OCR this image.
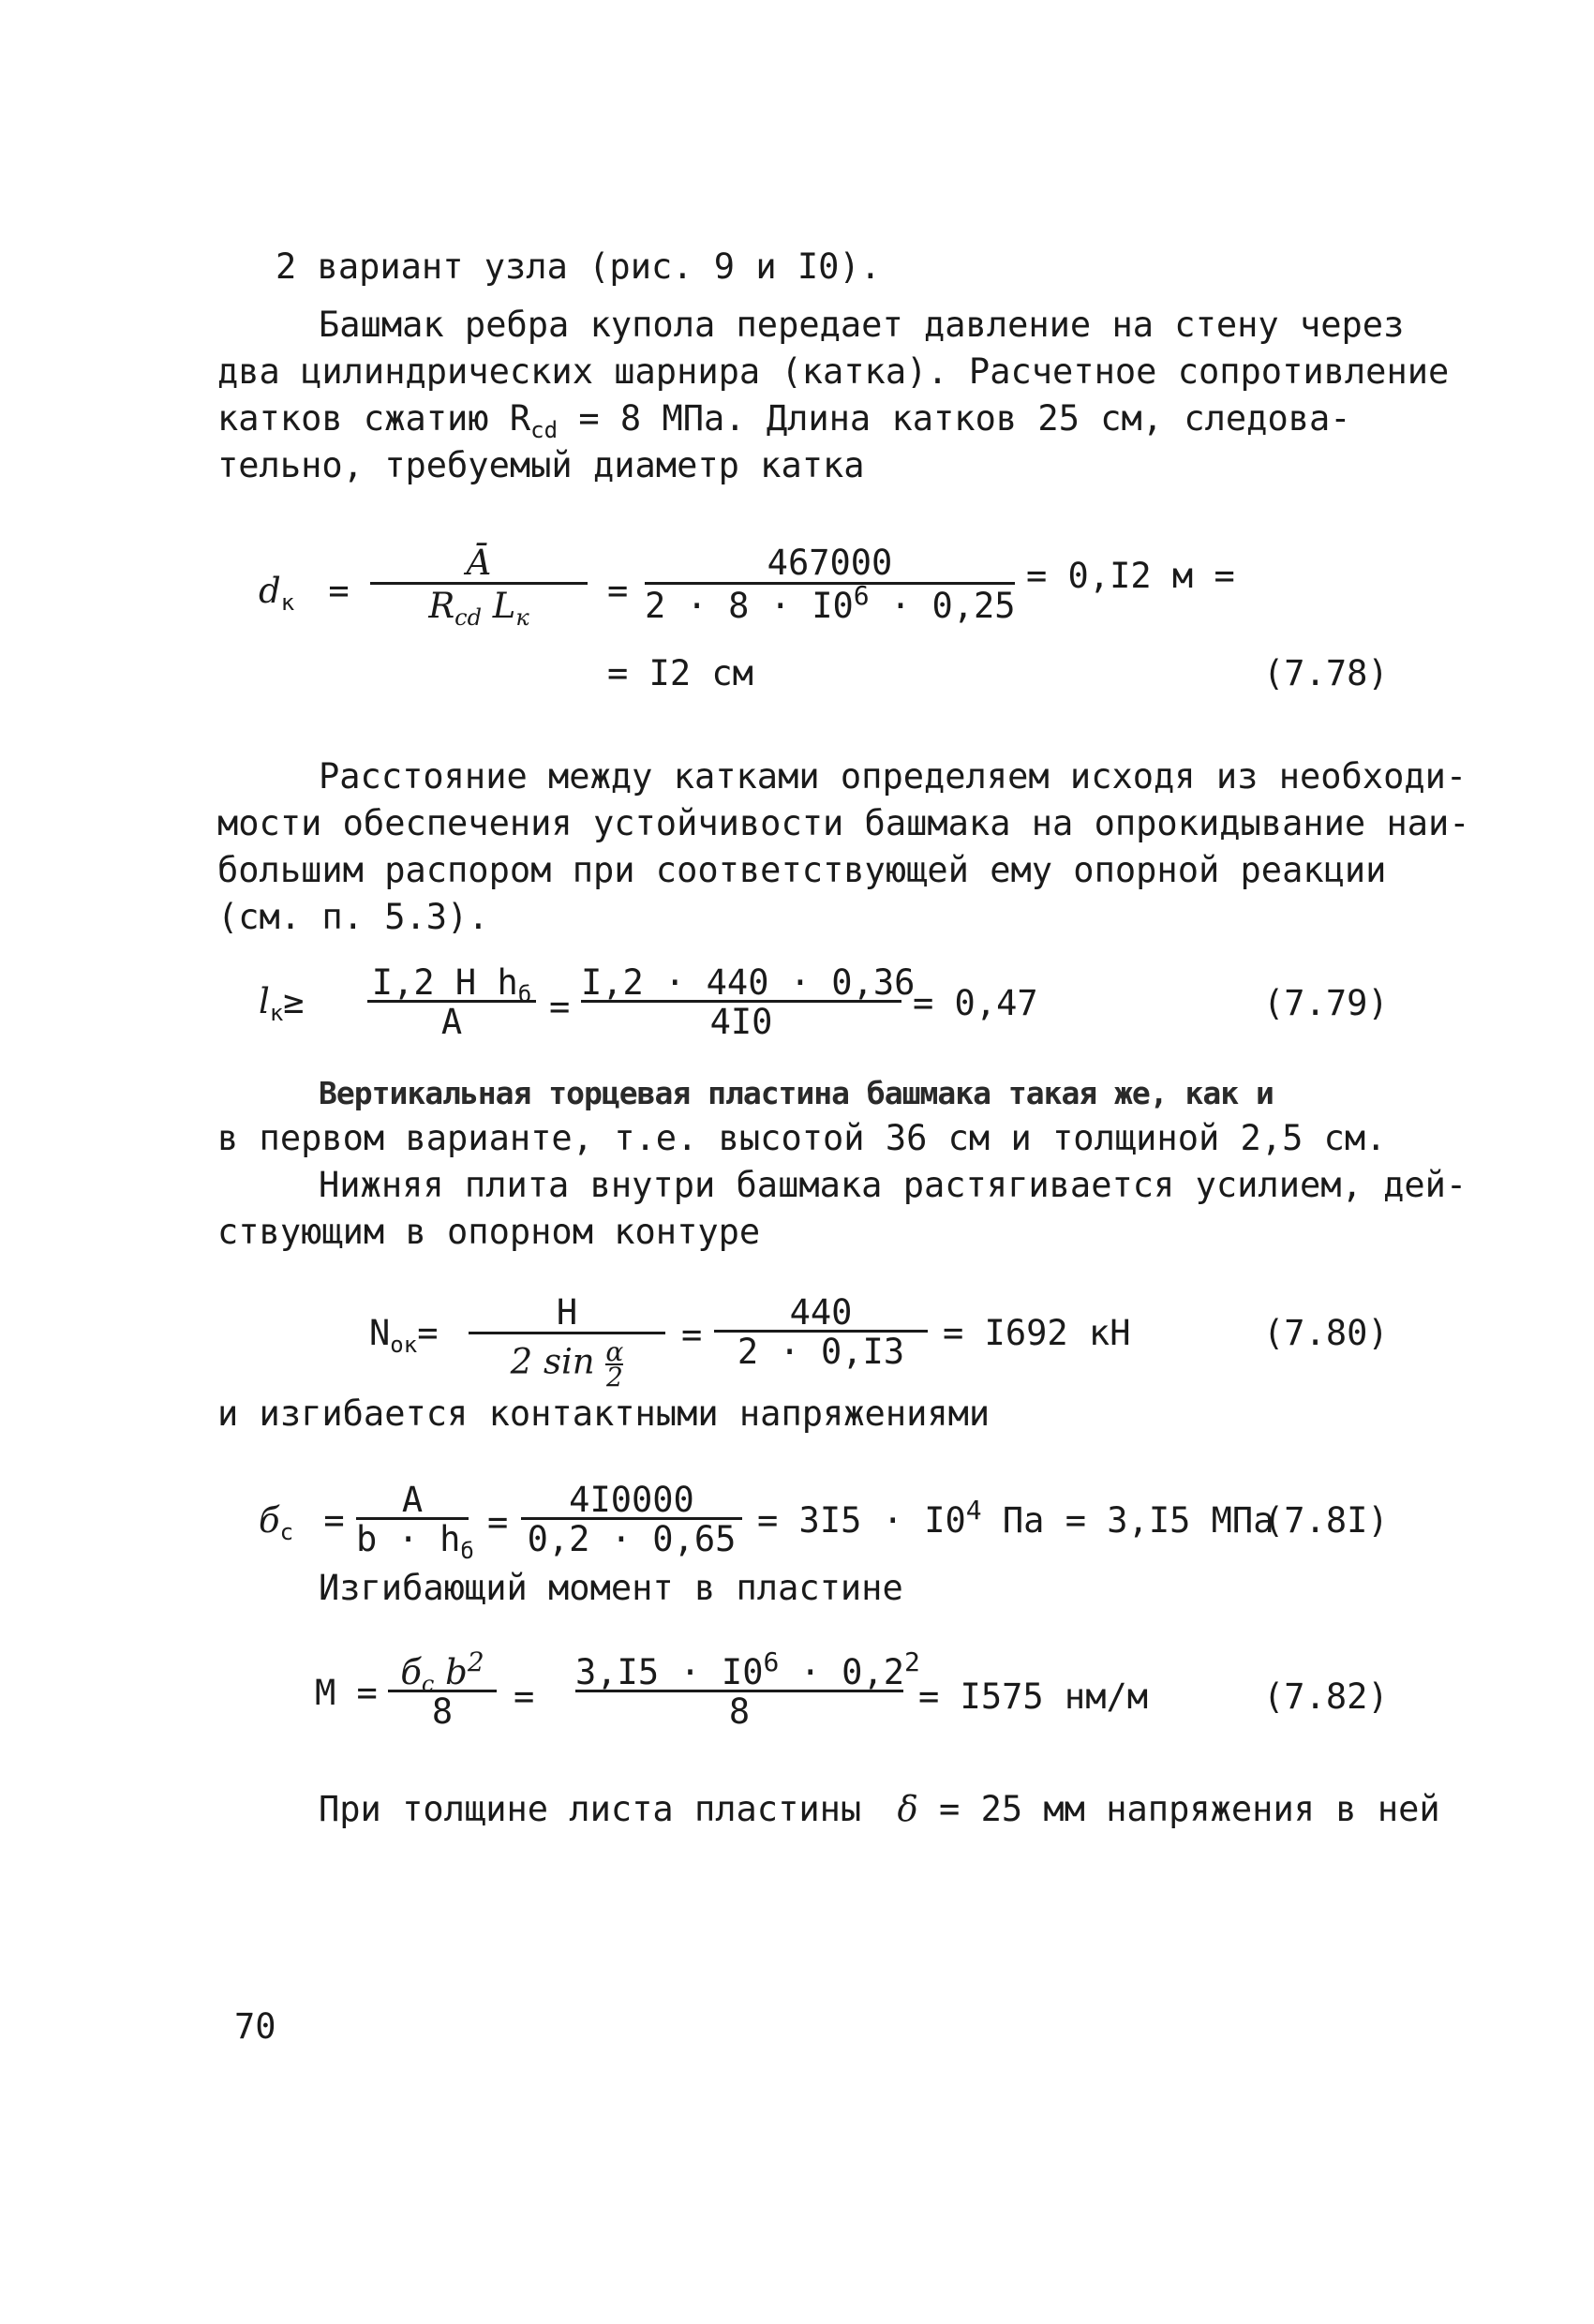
2 вариант узла (рис. 9 и I0).
Башмак ребра купола передает давление на стену через
два цилиндрических шарнира (катка). Расчетное сопротивление
катков сжатию $R_{cd} = 8$ МПа. Длина катков 25 см, следова-
тельно, требуемый диаметр катка
$d_к$ =
Ā
$R_{cd}$ $L_к$
=
467000
$2 \cdot 8 \cdot I0^6 \cdot 0,25$
= 0,I2 м =
= I2 см	(7.78)
Расстояние между катками определяем исходя из необходи-
мости обеспечения устойчивости башмака на опрокидывание наи-
большим распором при соответствующей ему опорной реакции
(см. п. 5.3).
$l_к\ge I,2$ H $h_б$
A	=
I,2 · 440 · 0,36
4I0	= 0,47	(7.79)
Вертикальная торцевая пластина башмака такая же, как и
в первом варианте, т.е. высотой 36 см и толщиной 2,5 см.
Нижняя плита внутри башмака растягивается усилием, дей-
ствующим в опорном контуре
$N_{ок}=$
H
2 $\sin \frac{\alpha}{2}$
=
440
2 · 0,I3	= I692 кН	(7.80)
и изгибается контактными напряжениями
$б_c$ =
A
$b \cdot h_б$
=
4I0000
$0,2 \cdot 0,65 = 3I5 \cdot I0^4$ Па = 3,I5 МПа
(7.8I)
Изгибающий момент в пластине
M =
$б_c$ $b^2$
8	=
$3,I5 \cdot I0^6 \cdot 0,2^2$
8	= I575 нм/м	(7.82)
При толщине листа пластины δ = 25 мм напряжения в ней
70
